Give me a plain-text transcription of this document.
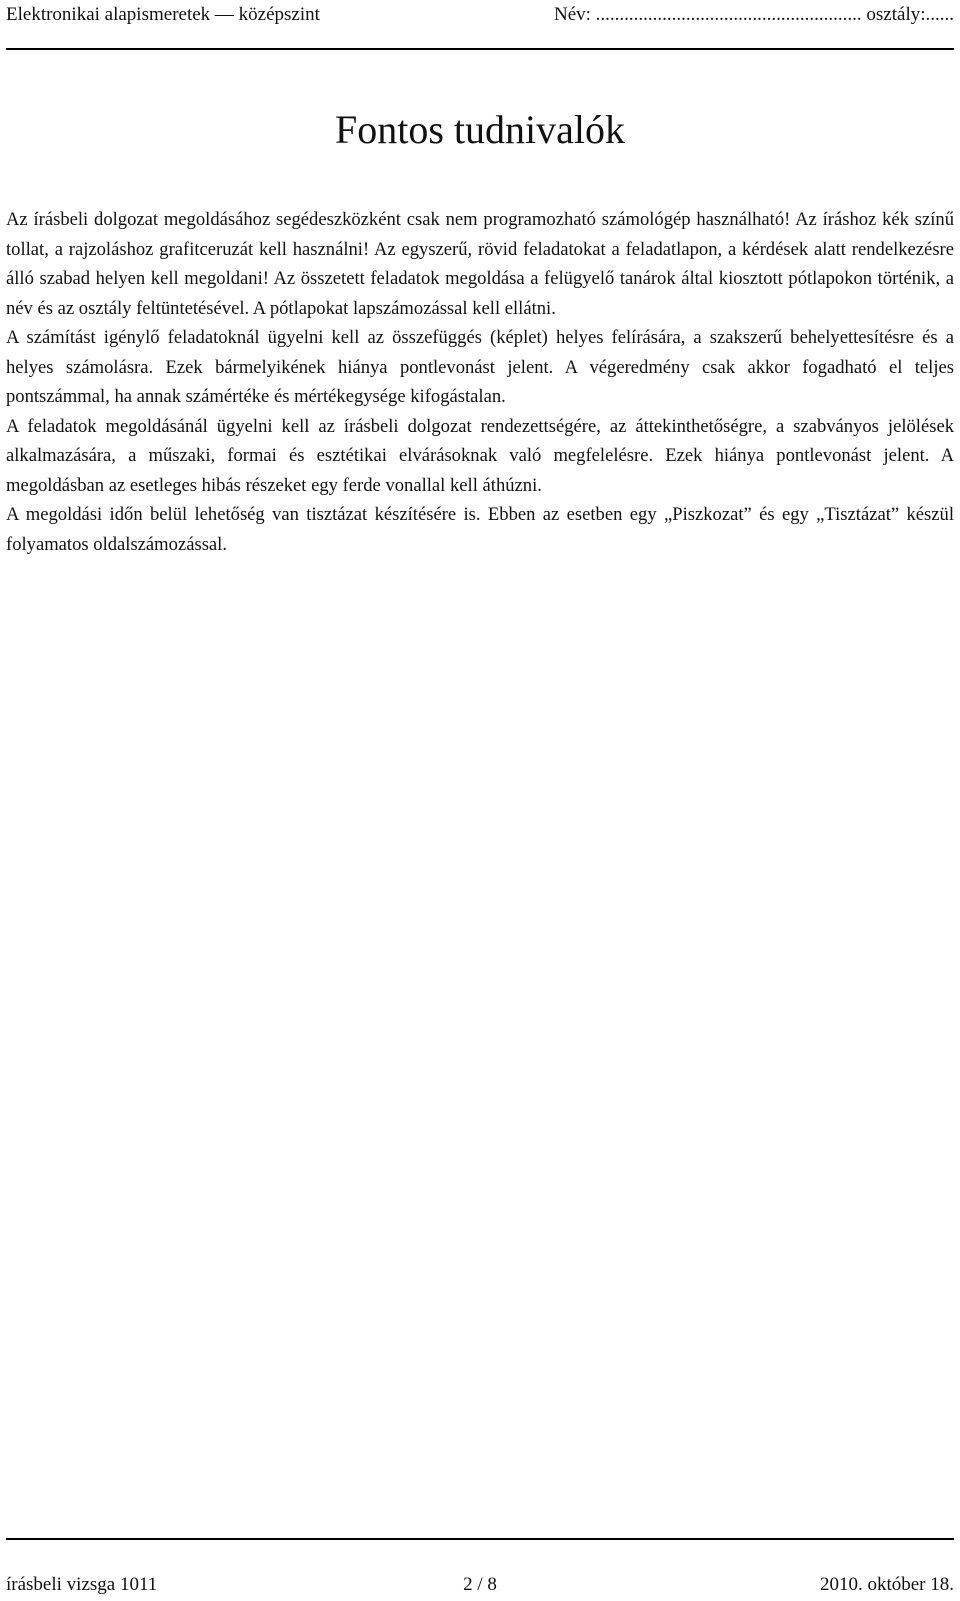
Elektronikai alapismeretek — középszint	Név: ........................................................ osztály:......
Fontos tudnivalók

Az írásbeli dolgozat megoldásához segédeszközként csak nem programozható számológép használható! Az íráshoz kék színű tollat, a rajzoláshoz grafitceruzát kell használni! Az egyszerű, rövid feladatokat a feladatlapon, a kérdések alatt rendelkezésre álló szabad helyen kell megoldani! Az összetett feladatok megoldása a felügyelő tanárok által kiosztott pótlapokon történik, a név és az osztály feltüntetésével. A pótlapokat lapszámozással kell ellátni.

A számítást igénylő feladatoknál ügyelni kell az összefüggés (képlet) helyes felírására, a szakszerű behelyettesítésre és a helyes számolásra. Ezek bármelyikének hiánya pontlevonást jelent. A végeredmény csak akkor fogadható el teljes pontszámmal, ha annak számértéke és mértékegysége kifogástalan.

A feladatok megoldásánál ügyelni kell az írásbeli dolgozat rendezettségére, az áttekinthetőségre, a szabványos jelölések alkalmazására, a műszaki, formai és esztétikai elvárásoknak való megfelelésre. Ezek hiánya pontlevonást jelent. A megoldásban az esetleges hibás részeket egy ferde vonallal kell áthúzni.

A megoldási időn belül lehetőség van tisztázat készítésére is. Ebben az esetben egy „Piszkozat” és egy „Tisztázat” készül folyamatos oldalszámozással.

írásbeli vizsga 1011	2 / 8	2010. október 18.
